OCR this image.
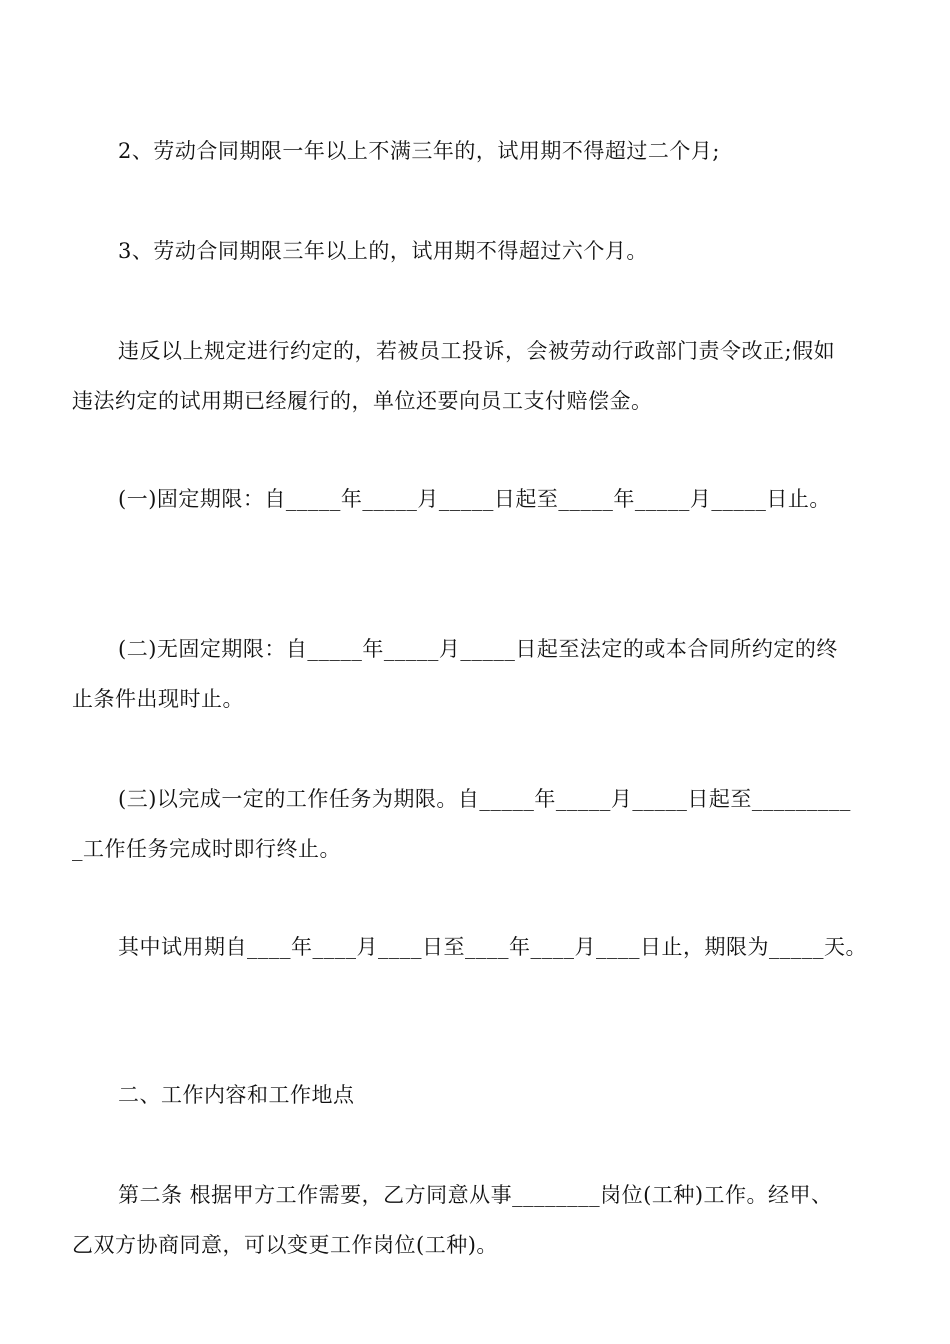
2、劳动合同期限一年以上不满三年的，试用期不得超过二个月;
3、劳动合同期限三年以上的，试用期不得超过六个月。
违反以上规定进行约定的，若被员工投诉，会被劳动行政部门责令改正;假如
违法约定的试用期已经履行的，单位还要向员工支付赔偿金。
(一)固定期限：自_____年_____月_____日起至_____年_____月_____日止。
(二)无固定期限：自_____年_____月_____日起至法定的或本合同所约定的终
止条件出现时止。
(三)以完成一定的工作任务为期限。自_____年_____月_____日起至_________
_工作任务完成时即行终止。
其中试用期自____年____月____日至____年____月____日止，期限为_____天。
二、工作内容和工作地点
第二条 根据甲方工作需要，乙方同意从事________岗位(工种)工作。经甲、
乙双方协商同意，可以变更工作岗位(工种)。
